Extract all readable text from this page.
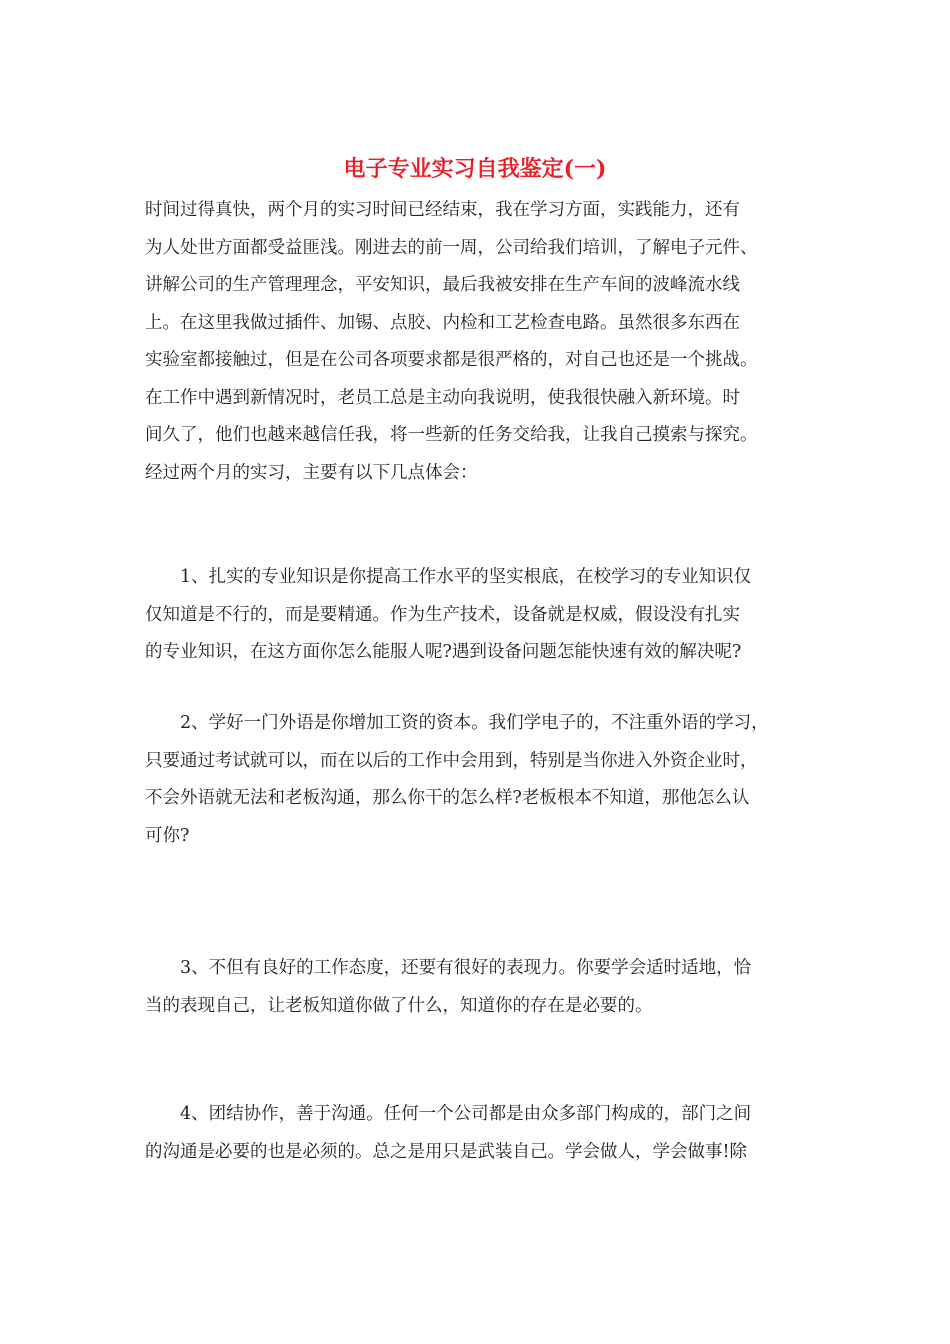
电子专业实习自我鉴定(一)

时间过得真快，两个月的实习时间已经结束，我在学习方面，实践能力，还有
为人处世方面都受益匪浅。刚进去的前一周，公司给我们培训，了解电子元件、
讲解公司的生产管理理念，平安知识，最后我被安排在生产车间的波峰流水线
上。在这里我做过插件、加锡、点胶、内检和工艺检查电路。虽然很多东西在
实验室都接触过，但是在公司各项要求都是很严格的，对自己也还是一个挑战。
在工作中遇到新情况时，老员工总是主动向我说明，使我很快融入新环境。时
间久了，他们也越来越信任我，将一些新的任务交给我，让我自己摸索与探究。
经过两个月的实习，主要有以下几点体会：

　　1、扎实的专业知识是你提高工作水平的坚实根底，在校学习的专业知识仅
仅知道是不行的，而是要精通。作为生产技术，设备就是权威，假设没有扎实
的专业知识，在这方面你怎么能服人呢?遇到设备问题怎能快速有效的解决呢?

　　2、学好一门外语是你增加工资的资本。我们学电子的，不注重外语的学习，
只要通过考试就可以，而在以后的工作中会用到，特别是当你进入外资企业时，
不会外语就无法和老板沟通，那么你干的怎么样?老板根本不知道，那他怎么认
可你?

　　3、不但有良好的工作态度，还要有很好的表现力。你要学会适时适地，恰
当的表现自己，让老板知道你做了什么，知道你的存在是必要的。

　　4、团结协作，善于沟通。任何一个公司都是由众多部门构成的，部门之间
的沟通是必要的也是必须的。总之是用只是武装自己。学会做人，学会做事!除
